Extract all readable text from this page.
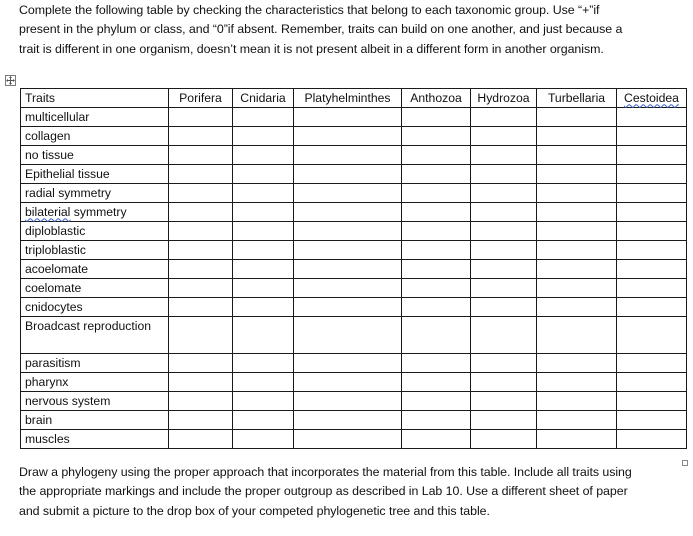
Complete the following table by checking the characteristics that belong to each taxonomic group. Use “+”if present in the phylum or class, and “0”if absent. Remember, traits can build on one another, and just because a trait is different in one organism, doesn’t mean it is not present albeit in a different form in another organism.

Traits	Porifera	Cnidaria	Platyhelminthes	Anthozoa	Hydrozoa	Turbellaria	Cestoidea
multicellular							
collagen							
no tissue							
Epithelial tissue							
radial symmetry							
bilaterial symmetry							
diploblastic							
triploblastic							
acoelomate							
coelomate							
cnidocytes							
Broadcast reproduction							
parasitism							
pharynx							
nervous system							
brain							
muscles							

Draw a phylogeny using the proper approach that incorporates the material from this table. Include all traits using the appropriate markings and include the proper outgroup as described in Lab 10. Use a different sheet of paper and submit a picture to the drop box of your competed phylogenetic tree and this table.
